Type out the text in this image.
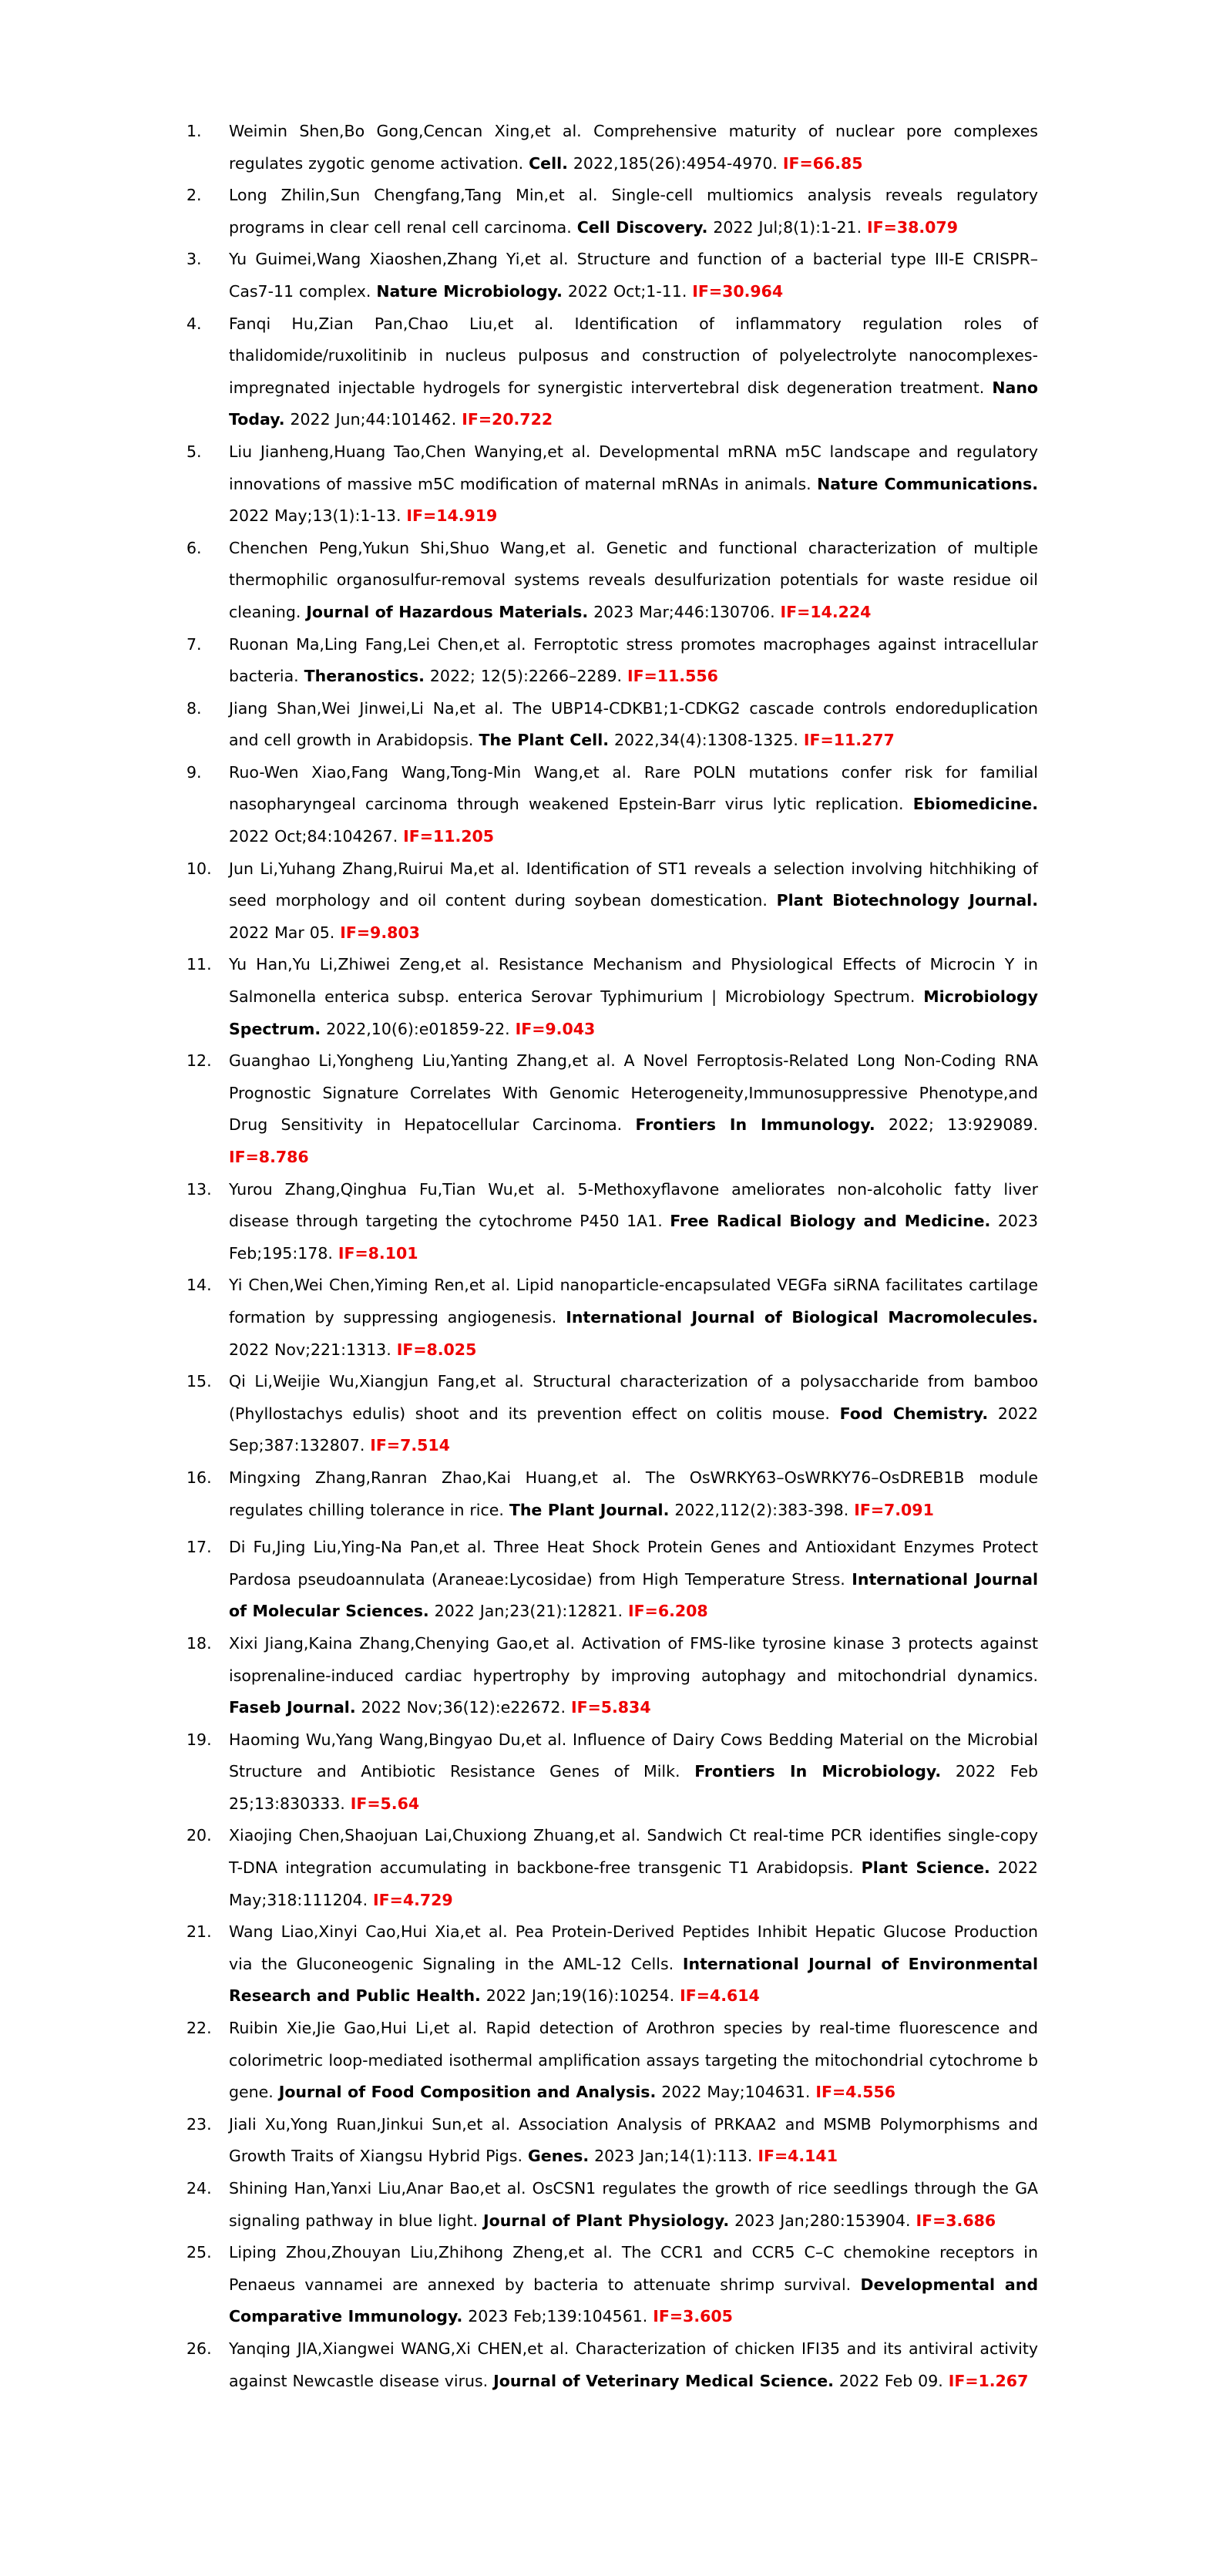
1. Weimin Shen,Bo Gong,Cencan Xing,et al. Comprehensive maturity of nuclear pore complexes regulates zygotic genome activation. Cell. 2022,185(26):4954-4970. IF=66.85
2. Long Zhilin,Sun Chengfang,Tang Min,et al. Single-cell multiomics analysis reveals regulatory programs in clear cell renal cell carcinoma. Cell Discovery. 2022 Jul;8(1):1-21. IF=38.079
3. Yu Guimei,Wang Xiaoshen,Zhang Yi,et al. Structure and function of a bacterial type III-E CRISPR–Cas7-11 complex. Nature Microbiology. 2022 Oct;1-11. IF=30.964
4. Fanqi Hu,Zian Pan,Chao Liu,et al. Identification of inflammatory regulation roles of thalidomide/ruxolitinib in nucleus pulposus and construction of polyelectrolyte nanocomplexes-impregnated injectable hydrogels for synergistic intervertebral disk degeneration treatment. Nano Today. 2022 Jun;44:101462. IF=20.722
5. Liu Jianheng,Huang Tao,Chen Wanying,et al. Developmental mRNA m5C landscape and regulatory innovations of massive m5C modification of maternal mRNAs in animals. Nature Communications. 2022 May;13(1):1-13. IF=14.919
6. Chenchen Peng,Yukun Shi,Shuo Wang,et al. Genetic and functional characterization of multiple thermophilic organosulfur-removal systems reveals desulfurization potentials for waste residue oil cleaning. Journal of Hazardous Materials. 2023 Mar;446:130706. IF=14.224
7. Ruonan Ma,Ling Fang,Lei Chen,et al. Ferroptotic stress promotes macrophages against intracellular bacteria. Theranostics. 2022; 12(5):2266–2289. IF=11.556
8. Jiang Shan,Wei Jinwei,Li Na,et al. The UBP14-CDKB1;1-CDKG2 cascade controls endoreduplication and cell growth in Arabidopsis. The Plant Cell. 2022,34(4):1308-1325. IF=11.277
9. Ruo-Wen Xiao,Fang Wang,Tong-Min Wang,et al. Rare POLN mutations confer risk for familial nasopharyngeal carcinoma through weakened Epstein-Barr virus lytic replication. Ebiomedicine. 2022 Oct;84:104267. IF=11.205
10. Jun Li,Yuhang Zhang,Ruirui Ma,et al. Identification of ST1 reveals a selection involving hitchhiking of seed morphology and oil content during soybean domestication. Plant Biotechnology Journal. 2022 Mar 05. IF=9.803
11. Yu Han,Yu Li,Zhiwei Zeng,et al. Resistance Mechanism and Physiological Effects of Microcin Y in Salmonella enterica subsp. enterica Serovar Typhimurium | Microbiology Spectrum. Microbiology Spectrum. 2022,10(6):e01859-22. IF=9.043
12. Guanghao Li,Yongheng Liu,Yanting Zhang,et al. A Novel Ferroptosis-Related Long Non-Coding RNA Prognostic Signature Correlates With Genomic Heterogeneity,Immunosuppressive Phenotype,and Drug Sensitivity in Hepatocellular Carcinoma. Frontiers In Immunology. 2022; 13:929089. IF=8.786
13. Yurou Zhang,Qinghua Fu,Tian Wu,et al. 5-Methoxyflavone ameliorates non-alcoholic fatty liver disease through targeting the cytochrome P450 1A1. Free Radical Biology and Medicine. 2023 Feb;195:178. IF=8.101
14. Yi Chen,Wei Chen,Yiming Ren,et al. Lipid nanoparticle-encapsulated VEGFa siRNA facilitates cartilage formation by suppressing angiogenesis. International Journal of Biological Macromolecules. 2022 Nov;221:1313. IF=8.025
15. Qi Li,Weijie Wu,Xiangjun Fang,et al. Structural characterization of a polysaccharide from bamboo (Phyllostachys edulis) shoot and its prevention effect on colitis mouse. Food Chemistry. 2022 Sep;387:132807. IF=7.514
16. Mingxing Zhang,Ranran Zhao,Kai Huang,et al. The OsWRKY63–OsWRKY76–OsDREB1B module regulates chilling tolerance in rice. The Plant Journal. 2022,112(2):383-398. IF=7.091
17. Di Fu,Jing Liu,Ying-Na Pan,et al. Three Heat Shock Protein Genes and Antioxidant Enzymes Protect Pardosa pseudoannulata (Araneae:Lycosidae) from High Temperature Stress. International Journal of Molecular Sciences. 2022 Jan;23(21):12821. IF=6.208
18. Xixi Jiang,Kaina Zhang,Chenying Gao,et al. Activation of FMS-like tyrosine kinase 3 protects against isoprenaline-induced cardiac hypertrophy by improving autophagy and mitochondrial dynamics. Faseb Journal. 2022 Nov;36(12):e22672. IF=5.834
19. Haoming Wu,Yang Wang,Bingyao Du,et al. Influence of Dairy Cows Bedding Material on the Microbial Structure and Antibiotic Resistance Genes of Milk. Frontiers In Microbiology. 2022 Feb 25;13:830333. IF=5.64
20. Xiaojing Chen,Shaojuan Lai,Chuxiong Zhuang,et al. Sandwich Ct real-time PCR identifies single-copy T-DNA integration accumulating in backbone-free transgenic T1 Arabidopsis. Plant Science. 2022 May;318:111204. IF=4.729
21. Wang Liao,Xinyi Cao,Hui Xia,et al. Pea Protein-Derived Peptides Inhibit Hepatic Glucose Production via the Gluconeogenic Signaling in the AML-12 Cells. International Journal of Environmental Research and Public Health. 2022 Jan;19(16):10254. IF=4.614
22. Ruibin Xie,Jie Gao,Hui Li,et al. Rapid detection of Arothron species by real-time fluorescence and colorimetric loop-mediated isothermal amplification assays targeting the mitochondrial cytochrome b gene. Journal of Food Composition and Analysis. 2022 May;104631. IF=4.556
23. Jiali Xu,Yong Ruan,Jinkui Sun,et al. Association Analysis of PRKAA2 and MSMB Polymorphisms and Growth Traits of Xiangsu Hybrid Pigs. Genes. 2023 Jan;14(1):113. IF=4.141
24. Shining Han,Yanxi Liu,Anar Bao,et al. OsCSN1 regulates the growth of rice seedlings through the GA signaling pathway in blue light. Journal of Plant Physiology. 2023 Jan;280:153904. IF=3.686
25. Liping Zhou,Zhouyan Liu,Zhihong Zheng,et al. The CCR1 and CCR5 C–C chemokine receptors in Penaeus vannamei are annexed by bacteria to attenuate shrimp survival. Developmental and Comparative Immunology. 2023 Feb;139:104561. IF=3.605
26. Yanqing JIA,Xiangwei WANG,Xi CHEN,et al. Characterization of chicken IFI35 and its antiviral activity against Newcastle disease virus. Journal of Veterinary Medical Science. 2022 Feb 09. IF=1.267
